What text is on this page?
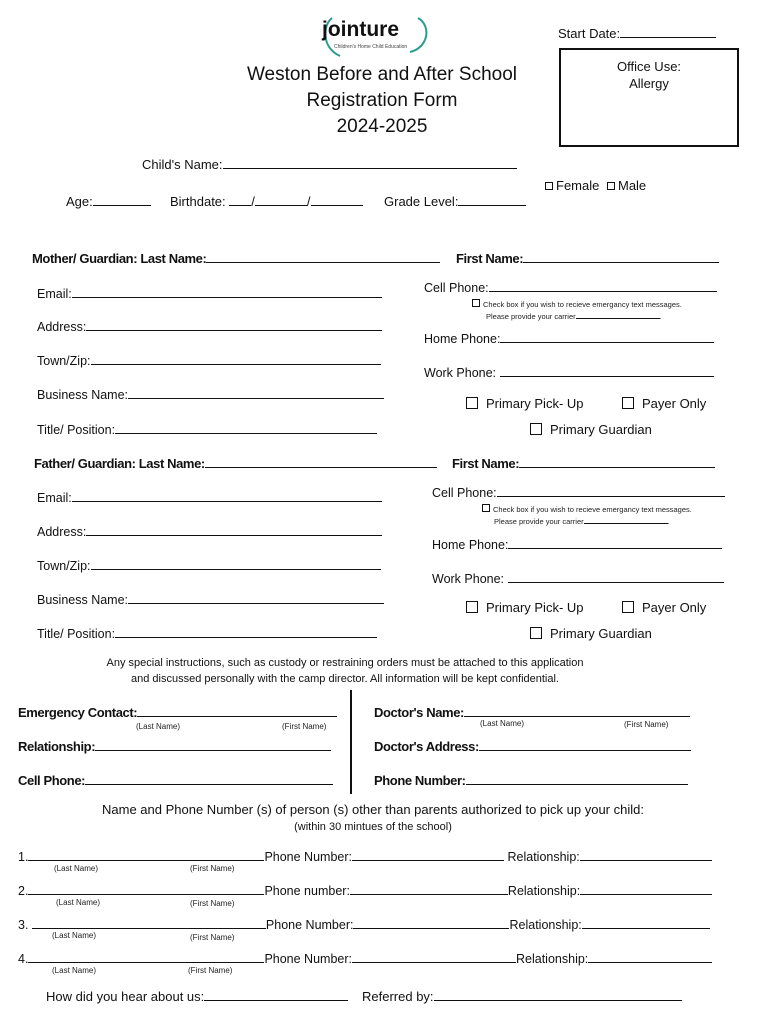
jointure
Children's Home Child Education
Start Date:
Office Use:
Allergy
Weston Before and After School
Registration Form
2024-2025
Child's Name:
Age:	Birthdate: /	/	Grade Level:
Female Male
Mother/ Guardian: Last Name:	First Name:
Email:	Cell Phone:
Check box if you wish to recieve emergancy text messages.
Please provide your carrier	.
Address:
Home Phone:
Town/Zip:
Work Phone:
Business Name:
Primary Pick- Up	Payer Only
Title/ Position:	Primary Guardian
Father/ Guardian: Last Name:	First Name:
Email:	Cell Phone:
Check box if you wish to recieve emergancy text messages.
Please provide your carrier	.
Address:
Home Phone:
Town/Zip:
Work Phone:
Business Name:	Primary Pick- Up	Payer Only
Title/ Position:	Primary Guardian
Any special instructions, such as custody or restraining orders must be attached to this application
and discussed personally with the camp director. All information will be kept confidential.
Emergency Contact:
(Last Name)	(First Name)
Relationship:
Cell Phone:
Doctor's Name:
(Last Name)	(First Name)
Doctor's Address:
Phone Number:
Name and Phone Number (s) of person (s) other than parents authorized to pick up your child:
(within 30 mintues of the school)
1.	Phone Number:	Relationship:
(Last Name)	(First Name)
2.	Phone number:	Relationship:
(Last Name)	(First Name)
3.	Phone Number:	Relationship:
(Last Name)	(First Name)
4.	Phone Number:	Relationship:
(Last Name)	(First Name)
How did you hear about us:	Referred by:
